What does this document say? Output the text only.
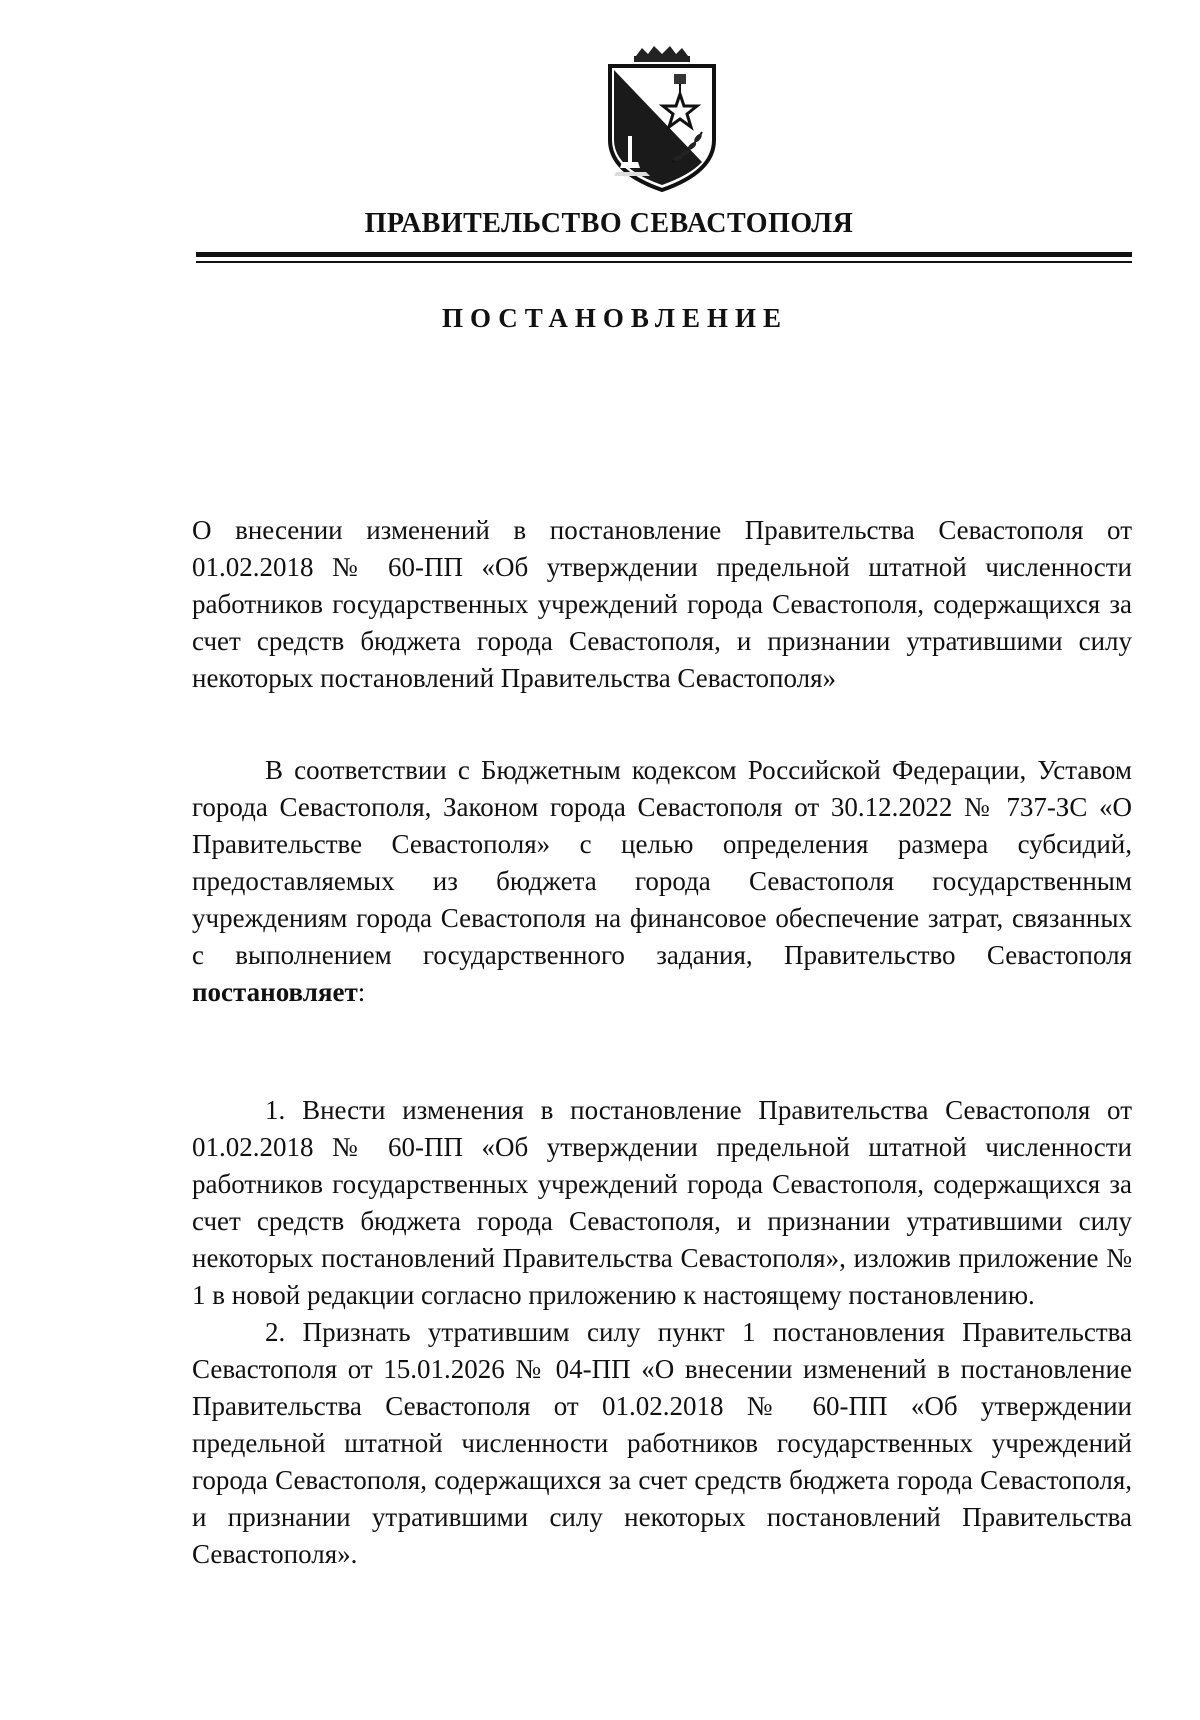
ПРАВИТЕЛЬСТВО СЕВАСТОПОЛЯ
ПОСТАНОВЛЕНИЕ

О внесении изменений в постановление Правительства Севастополя от 01.02.2018 № 60-ПП «Об утверждении предельной штатной численности работников государственных учреждений города Севастополя, содержащихся за счет средств бюджета города Севастополя, и признании утратившими силу некоторых постановлений Правительства Севастополя»

В соответствии с Бюджетным кодексом Российской Федерации, Уставом города Севастополя, Законом города Севастополя от 30.12.2022 № 737-ЗС «О Правительстве Севастополя» с целью определения размера субсидий, предоставляемых из бюджета города Севастополя государственным учреждениям города Севастополя на финансовое обеспечение затрат, связанных с выполнением государственного задания, Правительство Севастополя постановляет:

1. Внести изменения в постановление Правительства Севастополя от 01.02.2018 № 60-ПП «Об утверждении предельной штатной численности работников государственных учреждений города Севастополя, содержащихся за счет средств бюджета города Севастополя, и признании утратившими силу некоторых постановлений Правительства Севастополя», изложив приложение № 1 в новой редакции согласно приложению к настоящему постановлению.

2. Признать утратившим силу пункт 1 постановления Правительства Севастополя от 15.01.2026 № 04-ПП «О внесении изменений в постановление Правительства Севастополя от 01.02.2018 № 60-ПП «Об утверждении предельной штатной численности работников государственных учреждений города Севастополя, содержащихся за счет средств бюджета города Севастополя, и признании утратившими силу некоторых постановлений Правительства Севастополя».
